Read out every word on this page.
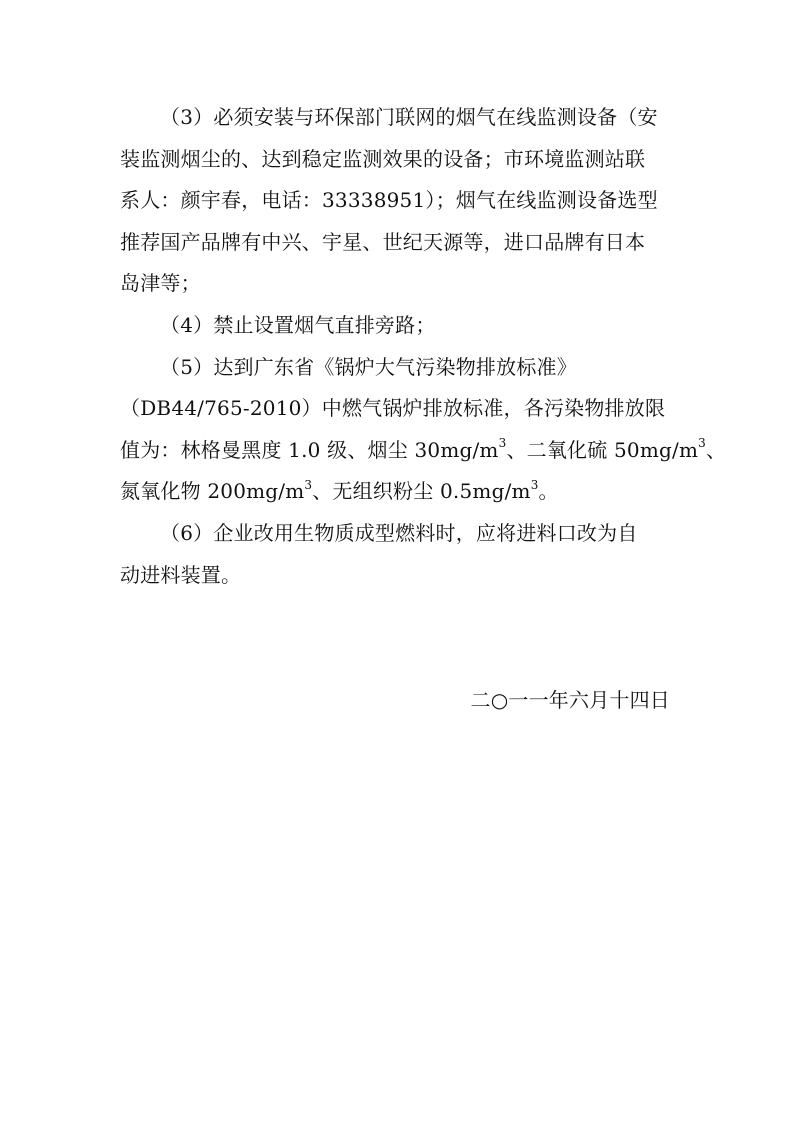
（3）必须安装与环保部门联网的烟气在线监测设备（安
装监测烟尘的、达到稳定监测效果的设备；市环境监测站联
系人：颜宇春，电话：33338951）；烟气在线监测设备选型
推荐国产品牌有中兴、宇星、世纪天源等，进口品牌有日本
岛津等；
（4）禁止设置烟气直排旁路；
（5）达到广东省《锅炉大气污染物排放标准》
（DB44/765-2010）中燃气锅炉排放标准，各污染物排放限
值为：林格曼黑度 1.0 级、烟尘 $30mg/m^3$、二氧化硫 $50mg/m^3$、
氮氧化物 $200mg/m^3$、无组织粉尘 $0.5mg/m^3$。
（6）企业改用生物质成型燃料时，应将进料口改为自
动进料装置。
二○一一年六月十四日
